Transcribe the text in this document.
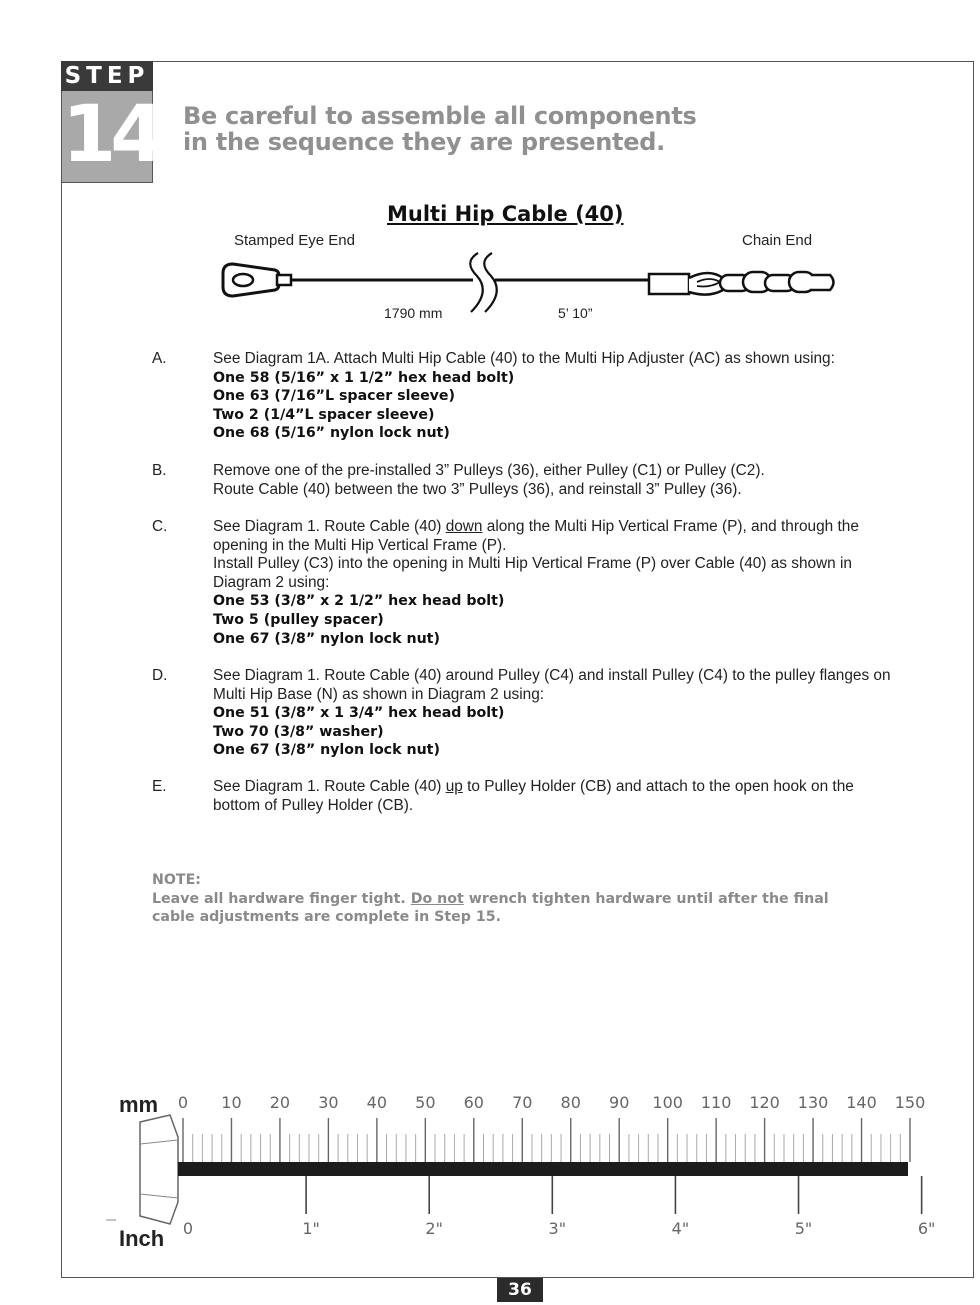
STEP
14 Be careful to assemble all components
in the sequence they are presented.
Multi Hip Cable (40)
Stamped Eye End	Chain End
1790 mm	5’ 10”
A.	See Diagram 1A. Attach Multi Hip Cable (40) to the Multi Hip Adjuster (AC) as shown using:
One 58 (5/16” x 1 1/2” hex head bolt)
One 63 (7/16”L spacer sleeve)
Two 2 (1/4”L spacer sleeve)
One 68 (5/16” nylon lock nut)
B.	Remove one of the pre-installed 3” Pulleys (36), either Pulley (C1) or Pulley (C2).
Route Cable (40) between the two 3” Pulleys (36), and reinstall 3” Pulley (36).
C.	See Diagram 1. Route Cable (40) down along the Multi Hip Vertical Frame (P), and through the
opening in the Multi Hip Vertical Frame (P).
Install Pulley (C3) into the opening in Multi Hip Vertical Frame (P) over Cable (40) as shown in
Diagram 2 using:
One 53 (3/8” x 2 1/2” hex head bolt)
Two 5 (pulley spacer)
One 67 (3/8” nylon lock nut)
D.	See Diagram 1. Route Cable (40) around Pulley (C4) and install Pulley (C4) to the pulley flanges on
Multi Hip Base (N) as shown in Diagram 2 using:
One 51 (3/8” x 1 3/4” hex head bolt)
Two 70 (3/8” washer)
One 67 (3/8” nylon lock nut)
E.	See Diagram 1. Route Cable (40) up to Pulley Holder (CB) and attach to the open hook on the
bottom of Pulley Holder (CB).
NOTE:
Leave all hardware finger tight. Do not wrench tighten hardware until after the final
cable adjustments are complete in Step 15.
mm
Inch
0 10 20 30 40 50 60 70 80 90 100 110 120 130 140 150
0	1"	2"	3"	4"	5"	6"
36
